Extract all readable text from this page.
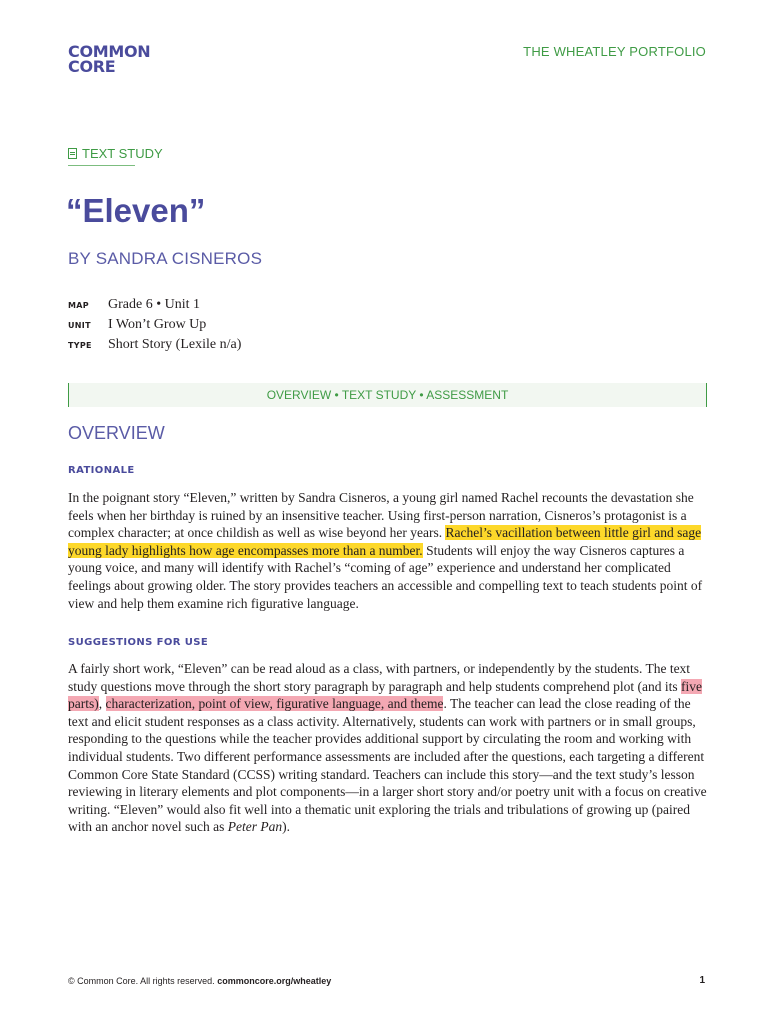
COMMON
CORE
THE WHEATLEY PORTFOLIO
TEXT STUDY
“Eleven”
BY SANDRA CISNEROS
MAP	Grade 6 • Unit 1
UNIT	I Won’t Grow Up
TYPE	Short Story (Lexile n/a)
OVERVIEW • TEXT STUDY • ASSESSMENT
OVERVIEW
RATIONALE

In the poignant story “Eleven,” written by Sandra Cisneros, a young girl named Rachel recounts the devastation she feels when her birthday is ruined by an insensitive teacher. Using first-person narration, Cisneros’s protagonist is a complex character; at once childish as well as wise beyond her years. Rachel’s vacillation between little girl and sage young lady highlights how age encompasses more than a number. Students will enjoy the way Cisneros captures a young voice, and many will identify with Rachel’s “coming of age” experience and understand her complicated feelings about growing older. The story provides teachers an accessible and compelling text to teach students point of view and help them examine rich figurative language.

SUGGESTIONS FOR USE

A fairly short work, “Eleven” can be read aloud as a class, with partners, or independently by the students. The text study questions move through the short story paragraph by paragraph and help students comprehend plot (and its five parts), characterization, point of view, figurative language, and theme. The teacher can lead the close reading of the text and elicit student responses as a class activity. Alternatively, students can work with partners or in small groups, responding to the questions while the teacher provides additional support by circulating the room and working with individual students. Two different performance assessments are included after the questions, each targeting a different Common Core State Standard (CCSS) writing standard. Teachers can include this story—and the text study’s lesson reviewing in literary elements and plot components—in a larger short story and/or poetry unit with a focus on creative writing. “Eleven” would also fit well into a thematic unit exploring the trials and tribulations of growing up (paired with an anchor novel such as Peter Pan).

© Common Core. All rights reserved. commoncore.org/wheatley	1
